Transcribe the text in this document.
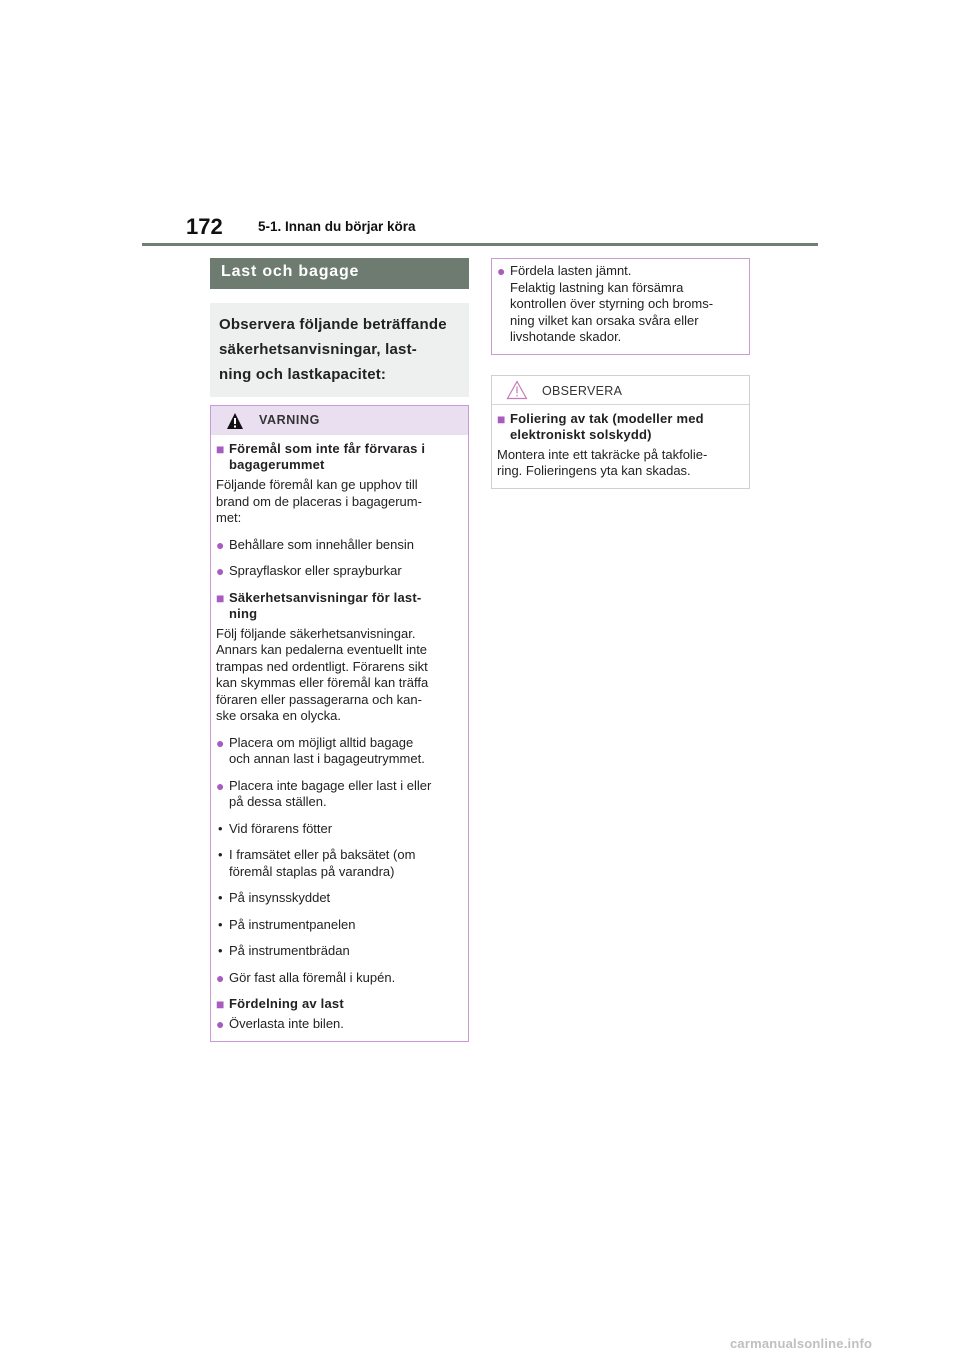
172	5-1. Innan du börjar köra
Last och bagage
Observera följande beträffande
säkerhetsanvisningar, last-
ning och lastkapacitet:
VARNING
■ Föremål som inte får förvaras i
bagagerummet
Följande föremål kan ge upphov till
brand om de placeras i bagagerum-
met:
● Behållare som innehåller bensin
● Sprayflaskor eller sprayburkar
■ Säkerhetsanvisningar för last-
ning
Följ följande säkerhetsanvisningar.
Annars kan pedalerna eventuellt inte
trampas ned ordentligt. Förarens sikt
kan skymmas eller föremål kan träffa
föraren eller passagerarna och kan-
ske orsaka en olycka.
● Placera om möjligt alltid bagage
och annan last i bagageutrymmet.
● Placera inte bagage eller last i eller
på dessa ställen.
• Vid förarens fötter
• I framsätet eller på baksätet (om
föremål staplas på varandra)
• På insynsskyddet
• På instrumentpanelen
• På instrumentbrädan
● Gör fast alla föremål i kupén.
■ Fördelning av last
● Överlasta inte bilen.
● Fördela lasten jämnt.
Felaktig lastning kan försämra
kontrollen över styrning och broms-
ning vilket kan orsaka svåra eller
livshotande skador.
OBSERVERA
■ Foliering av tak (modeller med
elektroniskt solskydd)
Montera inte ett takräcke på takfolie-
ring. Folieringens yta kan skadas.
carmanualsonline.info
